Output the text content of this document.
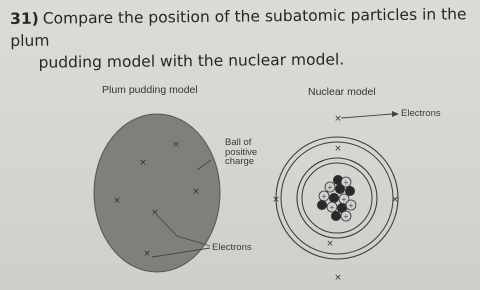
31) Compare the position of the subatomic particles in the plum
pudding model with the nuclear model.
Plum pudding model	Nuclear model
×
×
×
×
×
×
×
×
×	×
×
×
+
+
+ +
+ +
+
Ball of
positive
charge
Electrons
Electrons
